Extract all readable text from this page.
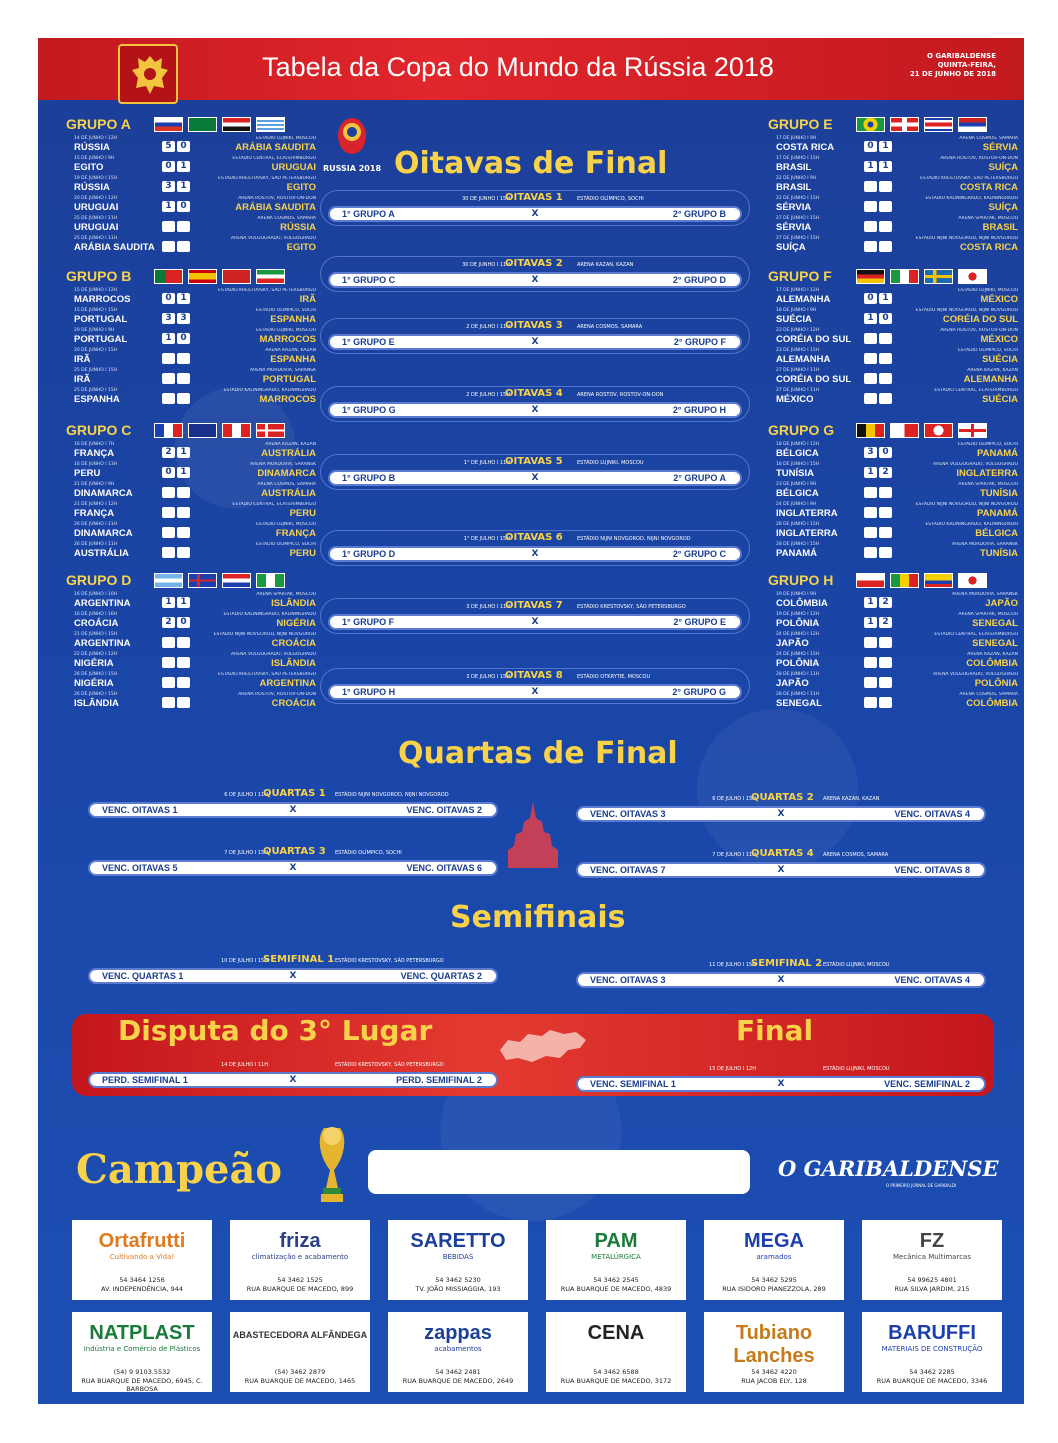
Tabela da Copa do Mundo da Rússia 2018	O GARIBALDENSE
QUINTA-FEIRA,
21 DE JUNHO DE 2018
GRUPO A
14 DE JUNHO I 12H	ESTÁDIO LUJNIKI, MOSCOU
RÚSSIA	5 0	ARÁBIA SAUDITA
15 DE JUNHO I 9H	ESTÁDIO CENTRAL, ECATERIMBURGO
EGITO	0 1	URUGUAI
19 DE JUNHO I 15H	ESTÁDIO KRESTOVSKY, SÃO PETERSBURGO
RÚSSIA	3 1	EGITO
20 DE JUNHO I 12H	ARENA ROSTOV, ROSTOV-ON-DON
URUGUAI	1 0	ARÁBIA SAUDITA
25 DE JUNHO I 11H	ARENA COSMOS, SAMARA
URUGUAI	RÚSSIA
25 DE JUNHO I 11H	ARENA VOLGOGRADO, VOLGOGRADO
ARÁBIA SAUDITA	EGITO
GRUPO B
15 DE JUNHO I 12H	ESTÁDIO KRESTOVSKY, SÃO PETERSBURGO
MARROCOS	0 1	IRÃ
15 DE JUNHO I 15H	ESTÁDIO OLÍMPICO, SOCHI
PORTUGAL	3 3	ESPANHA
20 DE JUNHO I 9H	ESTÁDIO LUJNIKI, MOSCOU
PORTUGAL	1 0	MARROCOS
20 DE JUNHO I 15H	ARENA KAZAN, KAZAN
IRÃ	ESPANHA
25 DE JUNHO I 15H	ARENA MORDOVIA, SARANSK
IRÃ	PORTUGAL
25 DE JUNHO I 15H	ESTÁDIO KALININGRADO, KALININGRADO
ESPANHA	MARROCOS
GRUPO C
16 DE JUNHO I 7H	ARENA KAZAN, KAZAN
FRANÇA	2 1	AUSTRÁLIA
16 DE JUNHO I 13H	ARENA MORDOVIA, SARANSK
PERU	0 1	DINAMARCA
21 DE JUNHO I 9H	ARENA COSMOS, SAMARA
DINAMARCA	AUSTRÁLIA
21 DE JUNHO I 12H	ESTÁDIO CENTRAL, ECATERIMBURGO
FRANÇA	PERU
26 DE JUNHO I 11H	ESTÁDIO LUJNIKI, MOSCOU
DINAMARCA	FRANÇA
26 DE JUNHO I 11H	ESTÁDIO OLÍMPICO, SOCHI
AUSTRÁLIA	PERU
GRUPO D
16 DE JUNHO I 10H	ARENA SPARTAK, MOSCOU
ARGENTINA	1 1	ISLÂNDIA
16 DE JUNHO I 16H	ESTÁDIO KALININGRADO, KALININGRADO
CROÁCIA	2 0	NIGÉRIA
21 DE JUNHO I 15H	ESTÁDIO NIJNI NOVGOROD, NIJNI NOVGOROD
ARGENTINA	CROÁCIA
22 DE JUNHO I 12H	ARENA VOLGOGRADO, VOLGOGRADO
NIGÉRIA	ISLÂNDIA
26 DE JUNHO I 15H	ESTÁDIO KRESTOVSKY, SÃO PETERSBURGO
NIGÉRIA	ARGENTINA
26 DE JUNHO I 15H	ARENA ROSTOV, ROSTOV-ON-DON
ISLÂNDIA	CROÁCIA
GRUPO E
17 DE JUNHO I 9H	ARENA COSMOS, SAMARA
COSTA RICA	0 1	SÉRVIA
17 DE JUNHO I 15H	ARENA ROSTOV, ROSTOV-ON-DON
BRASIL	1 1	SUÍÇA
22 DE JUNHO I 9H	ESTÁDIO KRESTOVSKY, SÃO PETERSBURGO
BRASIL	COSTA RICA
22 DE JUNHO I 15H	ESTÁDIO KALININGRADO, KALININGRADO
SÉRVIA	SUÍÇA
27 DE JUNHO I 15H	ARENA SPARTAK, MOSCOU
SÉRVIA	BRASIL
27 DE JUNHO I 15H	ESTÁDIO NIJNI NOVGOROD, NIJNI NOVGOROD
SUÍÇA	COSTA RICA
GRUPO F
17 DE JUNHO I 12H	ESTÁDIO LUJNIKI, MOSCOU
ALEMANHA	0 1	MÉXICO
18 DE JUNHO I 9H	ESTÁDIO NIJNI NOVGOROD, NIJNI NOVGOROD
SUÉCIA	1 0	CORÉIA DO SUL
23 DE JUNHO I 12H	ARENA ROSTOV, ROSTOV-ON-DON
CORÉIA DO SUL	MÉXICO
23 DE JUNHO I 15H	ESTÁDIO OLÍMPICO, SOCHI
ALEMANHA	SUÉCIA
27 DE JUNHO I 11H	ARENA KAZAN, KAZAN
CORÉIA DO SUL	ALEMANHA
27 DE JUNHO I 11H	ESTÁDIO CENTRAL, ECATERIMBURGO
MÉXICO	SUÉCIA
GRUPO G
18 DE JUNHO I 12H	ESTÁDIO OLÍMPICO, SOCHI
BÉLGICA	3 0	PANAMÁ
18 DE JUNHO I 15H	ARENA VOLGOGRADO, VOLGOGRADO
TUNÍSIA	1 2	INGLATERRA
23 DE JUNHO I 9H	ARENA SPARTAK, MOSCOU
BÉLGICA	TUNÍSIA
24 DE JUNHO I 9H	ESTÁDIO NIJNI NOVGOROD, NIJNI NOVGOROD
INGLATERRA	PANAMÁ
28 DE JUNHO I 15H	ESTÁDIO KALININGRADO, KALININGRADO
INGLATERRA	BÉLGICA
28 DE JUNHO I 15H	ARENA MORDOVIA, SARANSK
PANAMÁ	TUNÍSIA
GRUPO H
19 DE JUNHO I 9H	ARENA MORDOVIA, SARANSK
COLÔMBIA	1 2	JAPÃO
19 DE JUNHO I 12H	ARENA SPARTAK, MOSCOU
POLÔNIA	1 2	SENEGAL
24 DE JUNHO I 12H	ESTÁDIO CENTRAL, ECATERIMBURGO
JAPÃO	SENEGAL
24 DE JUNHO I 15H	ARENA KAZAN, KAZAN
POLÔNIA	COLÔMBIA
28 DE JUNHO I 11H	ARENA VOLGOGRADO, VOLGOGRADO
JAPÃO	POLÔNIA
28 DE JUNHO I 11H	ARENA COSMOS, SAMARA
SENEGAL	COLÔMBIA
RUSSIA 2018 Oitavas de Final
30 DE JUNHO I 15H
OITAVAS 1	ESTÁDIO OLÍMPICO, SOCHI
1° GRUPO A	X	2° GRUPO B
30 DE JUNHO I 11H
OITAVAS 2	ARENA KAZAN, KAZAN
1° GRUPO C	X	2° GRUPO D
2 DE JULHO I 11H
OITAVAS 3	ARENA COSMOS, SAMARA
1° GRUPO E	X	2° GRUPO F
2 DE JULHO I 15H
OITAVAS 4	ARENA ROSTOV, ROSTOV-ON-DON
1° GRUPO G	X	2° GRUPO H
1° DE JULHO I 11H
OITAVAS 5	ESTÁDIO LUJNIKI, MOSCOU
1° GRUPO B	X	2° GRUPO A
1° DE JULHO I 15H
OITAVAS 6	ESTÁDIO NIJNI NOVGOROD, NIJNI NOVGOROD
1° GRUPO D	X	2° GRUPO C
3 DE JULHO I 11H
OITAVAS 7	ESTÁDIO KRESTOVSKY, SÃO PETERSBURGO
1° GRUPO F	X	2° GRUPO E
3 DE JULHO I 15H
OITAVAS 8	ESTÁDIO OTKRYTIE, MOSCOU
1° GRUPO H	X	2° GRUPO G
Quartas de Final
6 DE JULHO I 11H
QUARTAS 1 ESTÁDIO NIJNI NOVGOROD, NIJNI NOVGOROD
VENC. OITAVAS 1	X	VENC. OITAVAS 2
6 DE JULHO I 15H
QUARTAS 2 ARENA KAZAN, KAZAN
VENC. OITAVAS 3	X	VENC. OITAVAS 4
7 DE JULHO I 15H
QUARTAS 3 ESTÁDIO OLÍMPICO, SOCHI
VENC. OITAVAS 5	X	VENC. OITAVAS 6
7 DE JULHO I 11H
QUARTAS 4 ARENA COSMOS, SAMARA
VENC. OITAVAS 7	X	VENC. OITAVAS 8
Semifinais
10 DE JULHO I 15H
SEMIFINAL 1 ESTÁDIO KRESTOVSKY, SÃO PETERSBURGO
VENC. QUARTAS 1	X	VENC. QUARTAS 2
11 DE JULHO I 15H
SEMIFINAL 2 ESTÁDIO LUJNIKI, MOSCOU
VENC. OITAVAS 3	X	VENC. OITAVAS 4
Disputa do 3° Lugar	Final
14 DE JULHO I 11H	ESTÁDIO KRESTOVSKY, SÃO PETERSBURGO
PERD. SEMIFINAL 1	X	PERD. SEMIFINAL 2
15 DE JULHO I 12H	ESTÁDIO LUJNIKI, MOSCOU
VENC. SEMIFINAL 1	X	VENC. SEMIFINAL 2
Campeão	O GARIBALDENSE
O PRIMEIRO JORNAL DE GARIBALDI
Ortafrutti
Cultivando a Vida!
54 3464 1256
AV. INDEPENDÊNCIA, 944
friza
climatização e acabamento
54 3462 1525
RUA BUARQUE DE MACEDO, 899
SARETTO
BEBIDAS
54 3462 5230
TV. JOÃO MISSIAGGIA, 193
PAM
METALÚRGICA
54 3462 2545
RUA BUARQUE DE MACEDO, 4839
MEGA
aramados
54 3462 5295
RUA ISIDORO PIANEZZOLA, 289
FZ
Mecânica Multimarcas
54 99625 4801
RUA SILVA JARDIM, 215
NATPLAST
Indústria e Comércio de Plásticos
(54) 9 9103.5532
RUA BUARQUE DE MACEDO, 6945, C. BARBOSA
ABASTECEDORA ALFÂNDEGA
(54) 3462 2879
RUA BUARQUE DE MACEDO, 1465
zappas
acabamentos
54 3462 2481
RUA BUARQUE DE MACEDO, 2649
CENA
54 3462 6588
RUA BUARQUE DE MACEDO, 3172
Tubiano Lanches
54 3462 4220
RUA JACOB ELY, 128
BARUFFI
MATERIAIS DE CONSTRUÇÃO
54 3462 2285
RUA BUARQUE DE MACEDO, 3346
